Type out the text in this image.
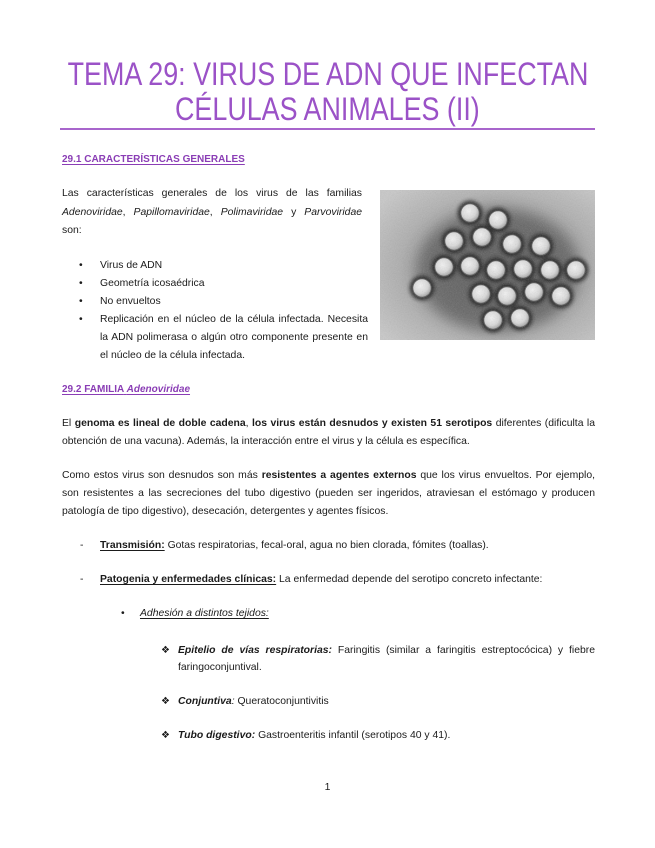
TEMA 29: VIRUS DE ADN QUE INFECTAN
CÉLULAS ANIMALES (II)
29.1 CARACTERÍSTICAS GENERALES

Las características generales de los virus de las familias Adenoviridae, Papillomaviridae, Polimaviridae y Parvoviridae son:

• Virus de ADN
• Geometría icosaédrica
• No envueltos
• Replicación en el núcleo de la célula infectada. Necesita la ADN polimerasa o algún otro componente presente en el núcleo de la célula infectada.
29.2 FAMILIA Adenoviridae

El genoma es lineal de doble cadena, los virus están desnudos y existen 51 serotipos diferentes (dificulta la obtención de una vacuna). Además, la interacción entre el virus y la célula es específica.

Como estos virus son desnudos son más resistentes a agentes externos que los virus envueltos. Por ejemplo, son resistentes a las secreciones del tubo digestivo (pueden ser ingeridos, atraviesan el estómago y producen patología de tipo digestivo), desecación, detergentes y agentes físicos.

- Transmisión: Gotas respiratorias, fecal-oral, agua no bien clorada, fómites (toallas).
- Patogenia y enfermedades clínicas: La enfermedad depende del serotipo concreto infectante:
• Adhesión a distintos tejidos:
❖ Epitelio de vías respiratorias: Faringitis (similar a faringitis estreptocócica) y fiebre faringoconjuntival.
❖ Conjuntiva: Queratoconjuntivitis
❖ Tubo digestivo: Gastroenteritis infantil (serotipos 40 y 41).
1
